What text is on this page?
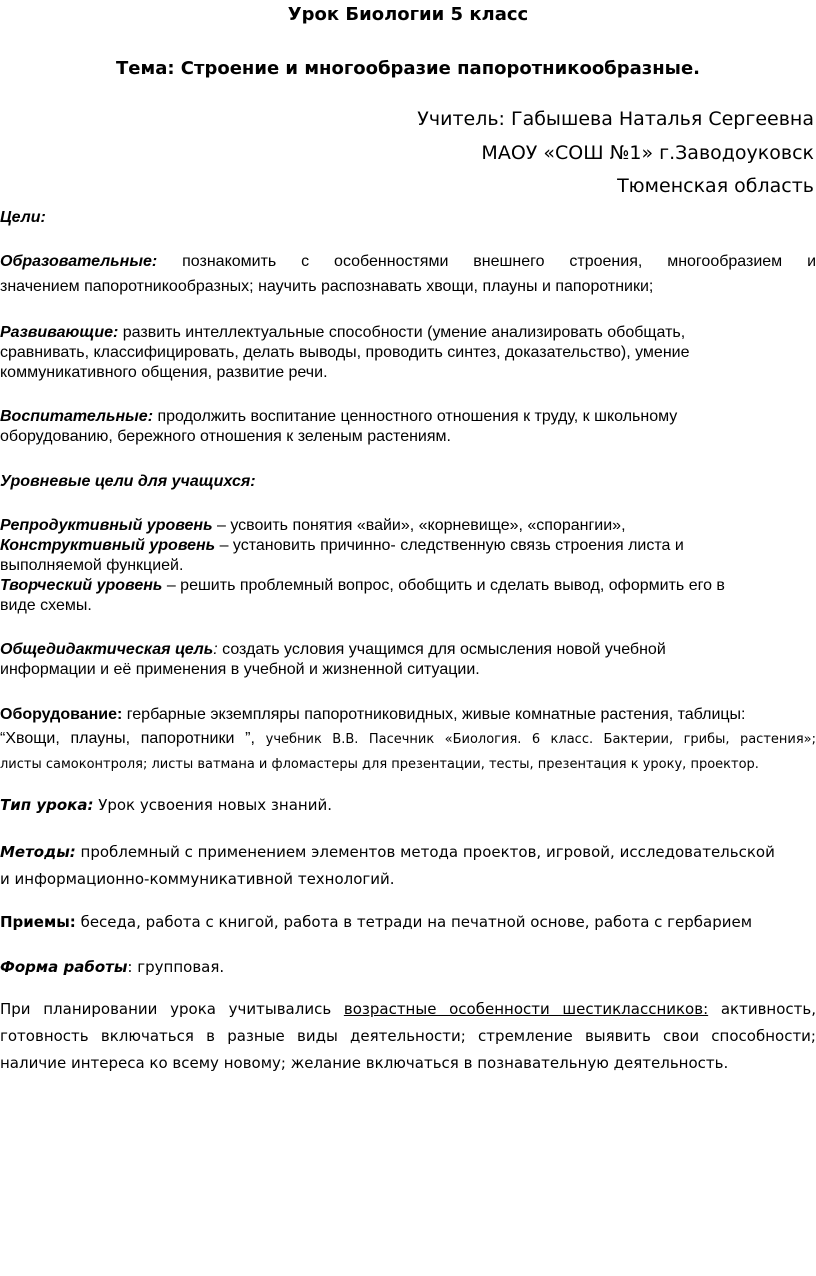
Урок Биологии 5 класс
Тема: Строение и многообразие папоротникообразные.
Учитель: Габышева Наталья Сергеевна
МАОУ «СОШ №1» г.Заводоуковск
Тюменская область
Цели:
Образовательные: познакомить с особенностями внешнего строения, многообразием и
значением папоротникообразных; научить распознавать хвощи, плауны и папоротники;
Развивающие: развить интеллектуальные способности (умение анализировать обобщать,
сравнивать, классифицировать, делать выводы, проводить синтез, доказательство), умение
коммуникативного общения, развитие речи.
Воспитательные: продолжить воспитание ценностного отношения к труду, к школьному
оборудованию, бережного отношения к зеленым растениям.
Уровневые цели для учащихся:
Репродуктивный уровень – усвоить понятия «вайи», «корневище», «спорангии»,
Конструктивный уровень – установить причинно- следственную связь строения листа и
выполняемой функцией.
Творческий уровень – решить проблемный вопрос, обобщить и сделать вывод, оформить его в
виде схемы.
Общедидактическая цель: создать условия учащимся для осмысления новой учебной
информации и её применения в учебной и жизненной ситуации.
Оборудование: гербарные экземпляры папоротниковидных, живые комнатные растения, таблицы:
“Хвощи, плауны, папоротники ”, учебник В.В. Пасечник «Биология. 6 класс. Бактерии, грибы, растения»;
листы самоконтроля; листы ватмана и фломастеры для презентации, тесты, презентация к уроку, проектор.
Тип урока: Урок усвоения новых знаний.
Методы: проблемный с применением элементов метода проектов, игровой, исследовательской
и информационно-коммуникативной технологий.
Приемы: беседа, работа с книгой, работа в тетради на печатной основе, работа с гербарием
Форма работы: групповая.
При планировании урока учитывались возрастные особенности шестиклассников: активность,
готовность включаться в разные виды деятельности; стремление выявить свои способности;
наличие интереса ко всему новому; желание включаться в познавательную деятельность.
